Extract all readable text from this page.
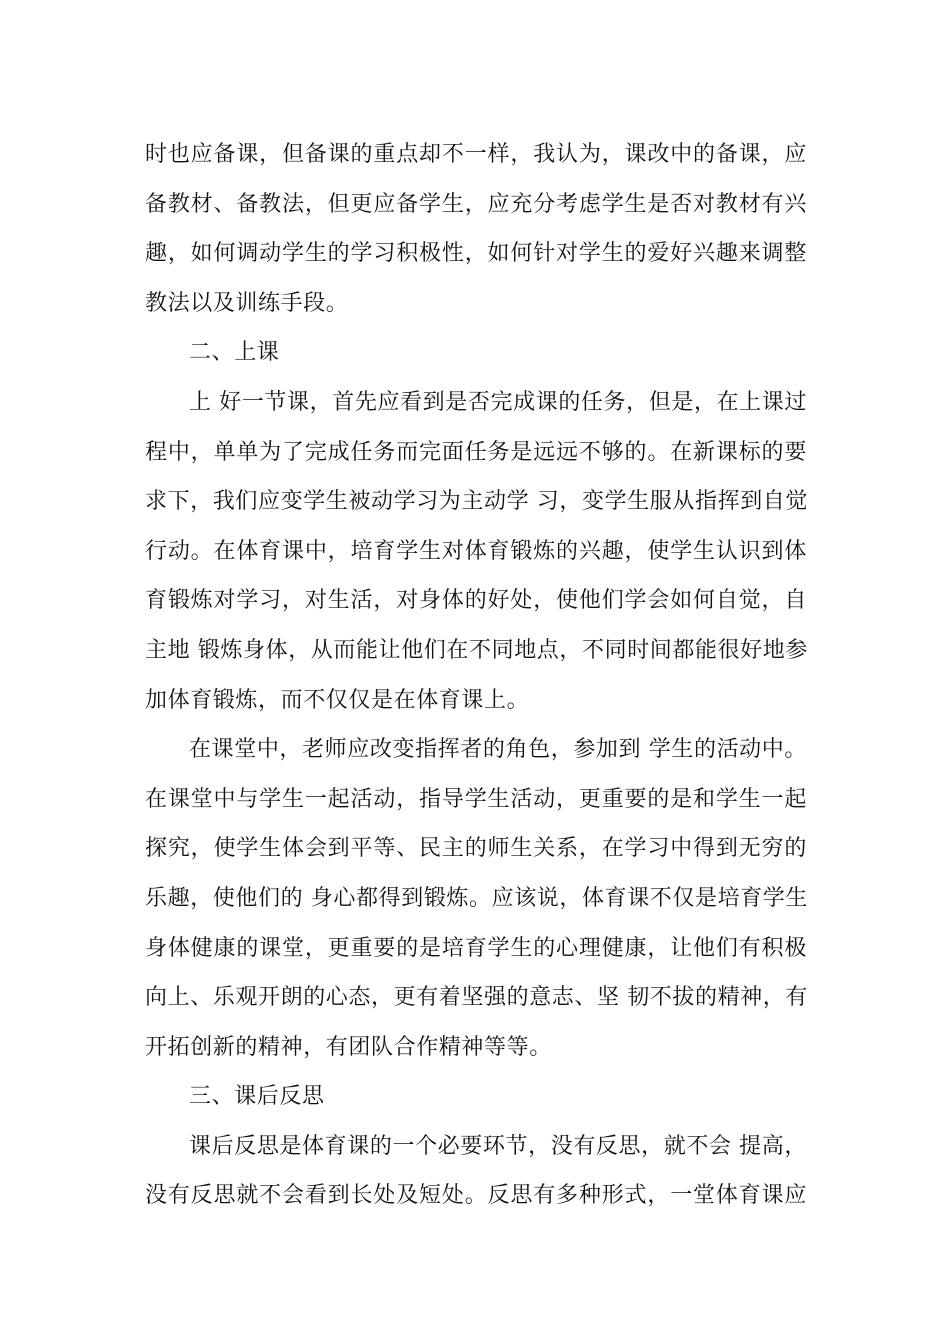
时也应备课，但备课的重点却不一样，我认为，课改中的备课，应
备教材、备教法，但更应备学生，应充分考虑学生是否对教材有兴
趣，如何调动学生的学习积极性，如何针对学生的爱好兴趣来调整
教法以及训练手段。
二、上课
上 好一节课，首先应看到是否完成课的任务，但是，在上课过
程中，单单为了完成任务而完面任务是远远不够的。在新课标的要
求下，我们应变学生被动学习为主动学 习，变学生服从指挥到自觉
行动。在体育课中，培育学生对体育锻炼的兴趣，使学生认识到体
育锻炼对学习，对生活，对身体的好处，使他们学会如何自觉，自
主地 锻炼身体，从而能让他们在不同地点，不同时间都能很好地参
加体育锻炼，而不仅仅是在体育课上。
在课堂中，老师应改变指挥者的角色，参加到 学生的活动中。
在课堂中与学生一起活动，指导学生活动，更重要的是和学生一起
探究，使学生体会到平等、民主的师生关系，在学习中得到无穷的
乐趣，使他们的 身心都得到锻炼。应该说，体育课不仅是培育学生
身体健康的课堂，更重要的是培育学生的心理健康，让他们有积极
向上、乐观开朗的心态，更有着坚强的意志、坚 韧不拔的精神，有
开拓创新的精神，有团队合作精神等等。
三、课后反思
课后反思是体育课的一个必要环节，没有反思，就不会 提高，
没有反思就不会看到长处及短处。反思有多种形式，一堂体育课应
